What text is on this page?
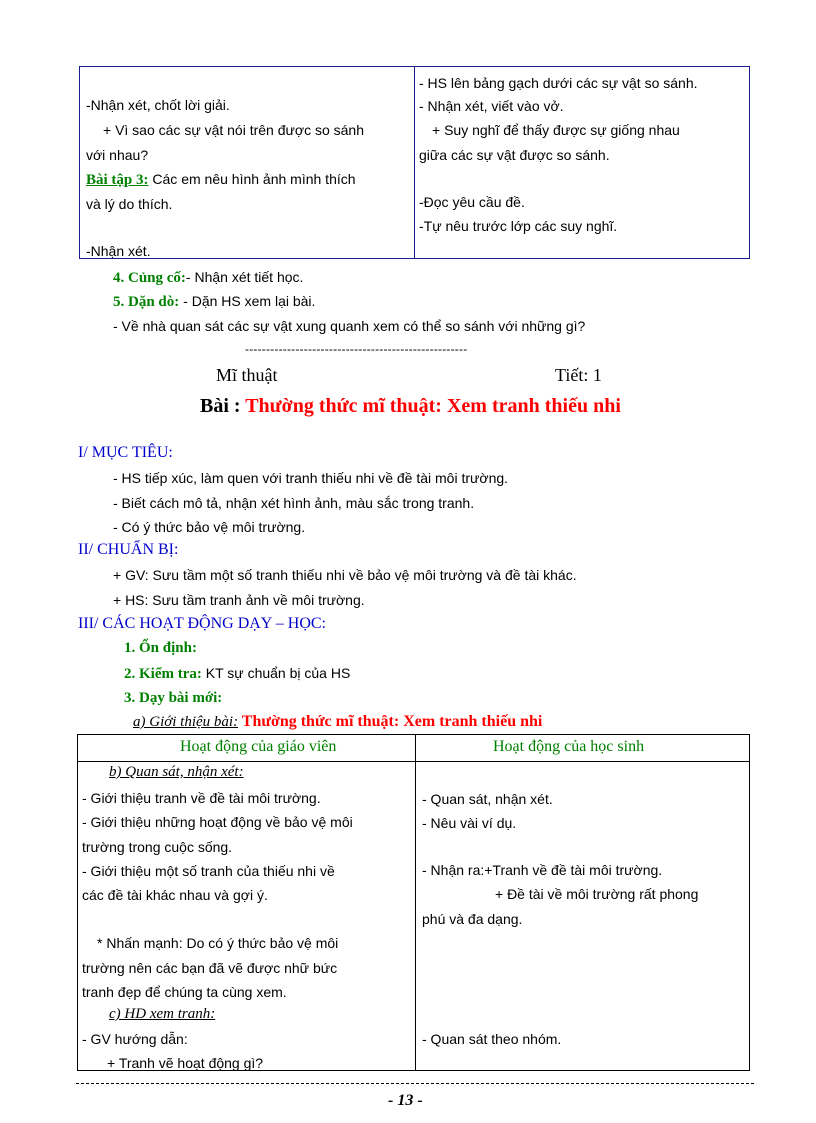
-Nhận xét, chốt lời giải.
+ Vì sao các sự vật nói trên được so sánh
với nhau?
Bài tập 3: Các em nêu hình ảnh mình thích
và lý do thích.
-Nhận xét.
- HS lên bảng gạch dưới các sự vật so sánh.
- Nhận xét, viết vào vở.
+ Suy nghĩ để thấy được sự giống nhau
giữa các sự vật được so sánh.
-Đọc yêu cầu đề.
-Tự nêu trước lớp các suy nghĩ.
4. Củng cố:- Nhận xét tiết học.
5. Dặn dò: - Dặn HS xem lại bài.
- Về nhà quan sát các sự vật xung quanh xem có thể so sánh với những gì?
-----------------------------------------------------
Mĩ thuật	Tiết: 1
Bài : Thường thức mĩ thuật: Xem tranh thiếu nhi
I/ MỤC TIÊU:
- HS tiếp xúc, làm quen với tranh thiếu nhi về đề tài môi trường.
- Biết cách mô tả, nhận xét hình ảnh, màu sắc trong tranh.
- Có ý thức bảo vệ môi trường.
II/ CHUẨN BỊ:
+ GV: Sưu tầm một số tranh thiếu nhi về bảo vệ môi trường và đề tài khác.
+ HS: Sưu tầm tranh ảnh về môi trường.
III/ CÁC HOẠT ĐỘNG DẠY – HỌC:
1. Ổn định:
2. Kiểm tra: KT sự chuẩn bị của HS
3. Dạy bài mới:
a) Giới thiệu bài: Thường thức mĩ thuật: Xem tranh thiếu nhi
Hoạt động của giáo viên	Hoạt động của học sinh
b) Quan sát, nhận xét:
- Giới thiệu tranh về đề tài môi trường.
- Giới thiệu những hoạt động về bảo vệ môi
trường trong cuộc sống.
- Giới thiệu một số tranh của thiếu nhi về
các đề tài khác nhau và gợi ý.
* Nhấn mạnh: Do có ý thức bảo vệ môi
trường nên các bạn đã vẽ được nhữ bức
tranh đẹp để chúng ta cùng xem.
c) HD xem tranh:
- GV hướng dẫn:
+ Tranh vẽ hoạt động gì?
- Quan sát, nhận xét.
- Nêu vài ví dụ.
- Nhận ra:+Tranh về đề tài môi trường.
+ Đề tài về môi trường rất phong
phú và đa dạng.
- Quan sát theo nhóm.
- 13 -
